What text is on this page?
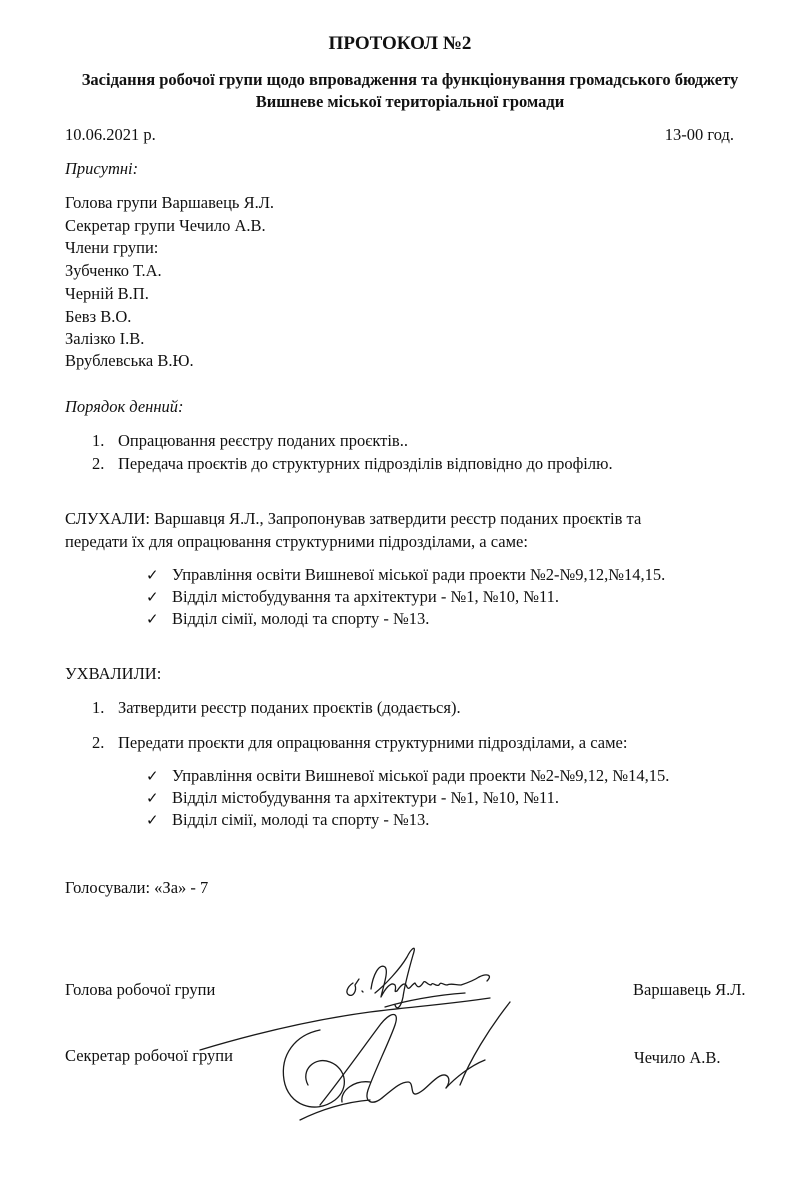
ПРОТОКОЛ №2
Засідання робочої групи щодо впровадження та функціонування громадського бюджету Вишневе міської територіальної громади
10.06.2021 р.	13-00 год.
Присутні:
Голова групи Варшавець Я.Л.
Секретар групи Чечило А.В.
Члени групи:
Зубченко Т.А.
Черній В.П.
Бевз В.О.
Залізко І.В.
Врублевська В.Ю.
Порядок денний:
1. Опрацювання реєстру поданих проєктів..
2. Передача проєктів до структурних підрозділів відповідно до профілю.
СЛУХАЛИ: Варшавця Я.Л., Запропонував затвердити реєстр поданих проєктів та
передати їх для опрацювання структурними підрозділами, а саме:
✓ Управління освіти Вишневої міської ради проекти №2-№9,12,№14,15.
✓ Відділ містобудування та архітектури - №1, №10, №11.
✓ Відділ сімії, молоді та спорту - №13.
УХВАЛИЛИ:
1. Затвердити реєстр поданих проєктів (додається).
2. Передати проєкти для опрацювання структурними підрозділами, а саме:
✓ Управління освіти Вишневої міської ради проекти №2-№9,12, №14,15.
✓ Відділ містобудування та архітектури - №1, №10, №11.
✓ Відділ сімії, молоді та спорту - №13.
Голосували: «За» - 7
Голова робочої групи	Варшавець Я.Л.
Секретар робочої групи	Чечило А.В.
